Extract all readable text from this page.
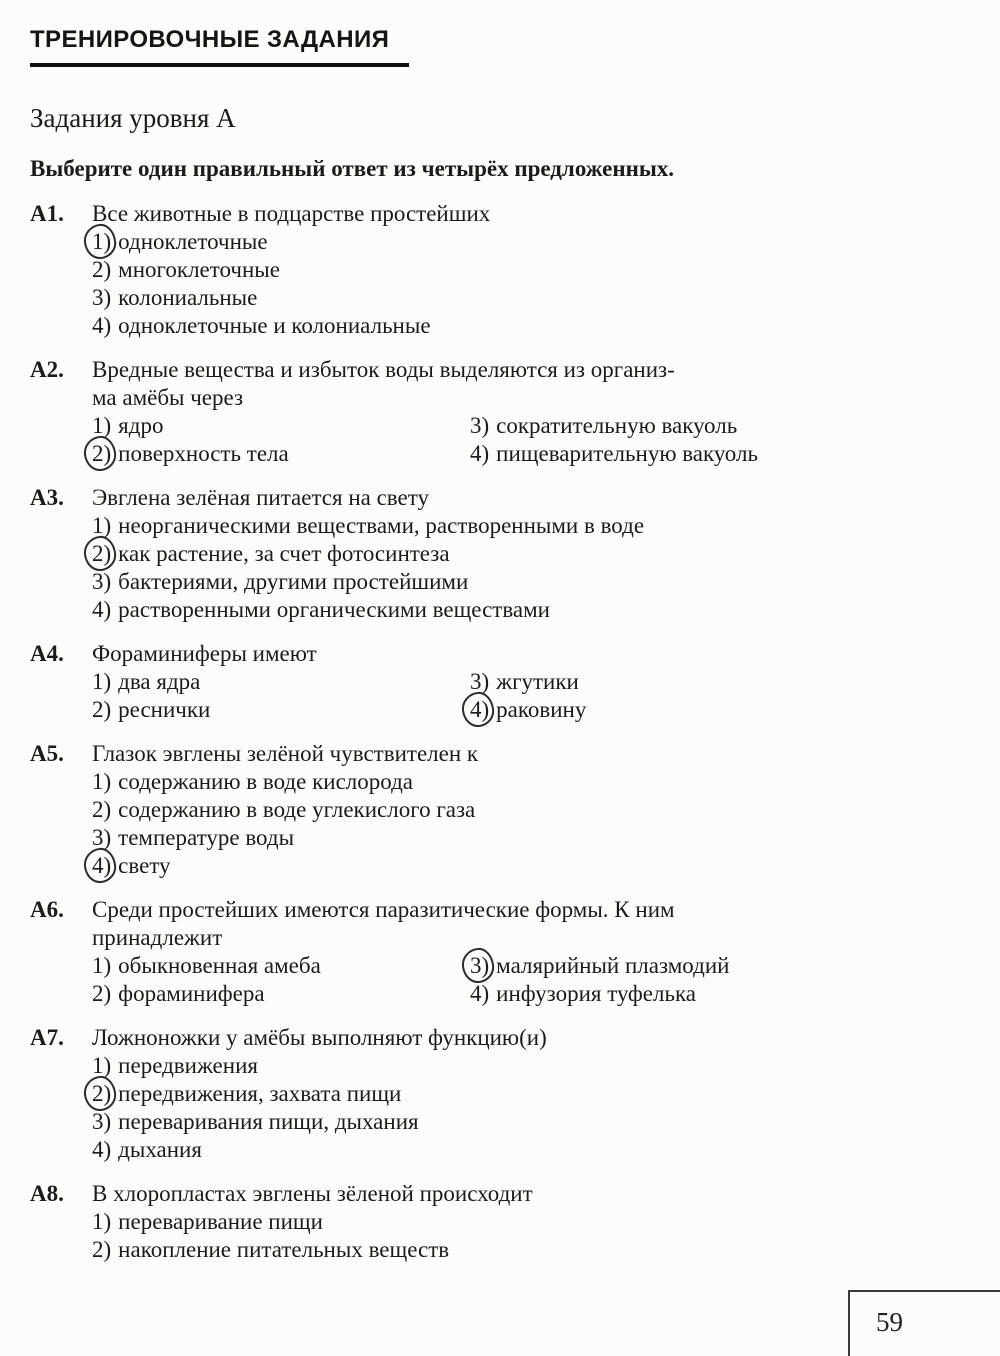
ТРЕНИРОВОЧНЫЕ ЗАДАНИЯ
Задания уровня А
Выберите один правильный ответ из четырёх предложенных.
А1.	Все животные в подцарстве простейших
1) одноклеточные
2) многоклеточные
3) колониальные
4) одноклеточные и колониальные
А2.	Вредные вещества и избыток воды выделяются из организ-
ма амёбы через
1) ядро	3) сократительную вакуоль
2) поверхность тела	4) пищеварительную вакуоль
А3.	Эвглена зелёная питается на свету
1) неорганическими веществами, растворенными в воде
2) как растение, за счет фотосинтеза
3) бактериями, другими простейшими
4) растворенными органическими веществами
А4.	Фораминиферы имеют
1) два ядра	3) жгутики
2) реснички	4) раковину
А5.	Глазок эвглены зелёной чувствителен к
1) содержанию в воде кислорода
2) содержанию в воде углекислого газа
3) температуре воды
4) свету
А6.	Среди простейших имеются паразитические формы. К ним
принадлежит
1) обыкновенная амеба	3) малярийный плазмодий
2) фораминифера	4) инфузория туфелька
А7.	Ложноножки у амёбы выполняют функцию(и)
1) передвижения
2) передвижения, захвата пищи
3) переваривания пищи, дыхания
4) дыхания
А8.	В хлоропластах эвглены зёленой происходит
1) переваривание пищи
2) накопление питательных веществ
59
